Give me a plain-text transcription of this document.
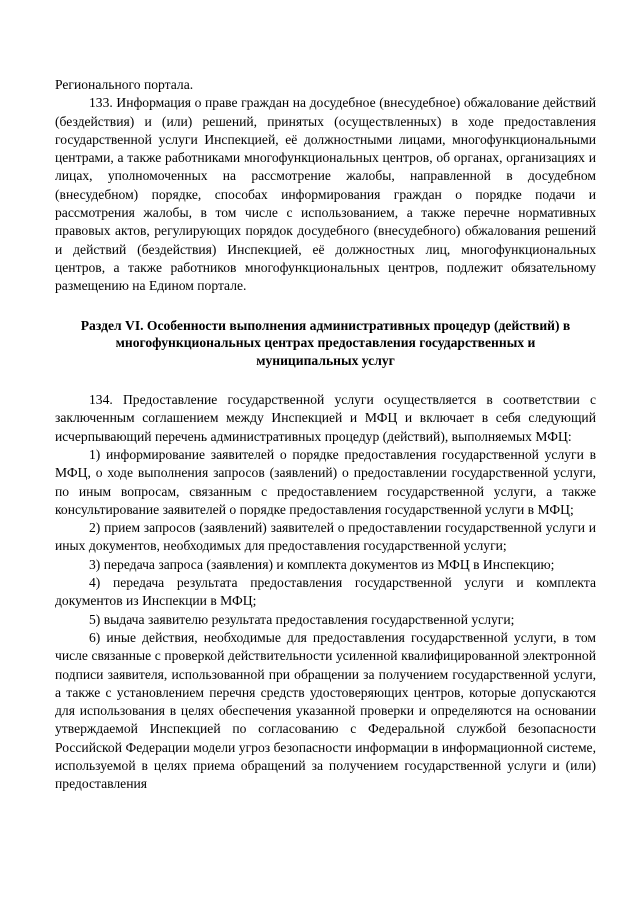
Регионального портала.

133. Информация о праве граждан на досудебное (внесудебное) обжалование действий (бездействия) и (или) решений, принятых (осуществленных) в ходе предоставления государственной услуги Инспекцией, её должностными лицами, многофункциональными центрами, а также работниками многофункциональных центров, об органах, организациях и лицах, уполномоченных на рассмотрение жалобы, направленной в досудебном (внесудебном) порядке, способах информирования граждан о порядке подачи и рассмотрения жалобы, в том числе с использованием, а также перечне нормативных правовых актов, регулирующих порядок досудебного (внесудебного) обжалования решений и действий (бездействия) Инспекцией, её должностных лиц, многофункциональных центров, а также работников многофункциональных центров, подлежит обязательному размещению на Едином портале.

Раздел VI. Особенности выполнения административных процедур (действий) в многофункциональных центрах предоставления государственных и муниципальных услуг

134. Предоставление государственной услуги осуществляется в соответствии с заключенным соглашением между Инспекцией и МФЦ и включает в себя следующий исчерпывающий перечень административных процедур (действий), выполняемых МФЦ:

1) информирование заявителей о порядке предоставления государственной услуги в МФЦ, о ходе выполнения запросов (заявлений) о предоставлении государственной услуги, по иным вопросам, связанным с предоставлением государственной услуги, а также консультирование заявителей о порядке предоставления государственной услуги в МФЦ;

2) прием запросов (заявлений) заявителей о предоставлении государственной услуги и иных документов, необходимых для предоставления государственной услуги;

3) передача запроса (заявления) и комплекта документов из МФЦ в Инспекцию;

4) передача результата предоставления государственной услуги и комплекта документов из Инспекции в МФЦ;

5) выдача заявителю результата предоставления государственной услуги;

6) иные действия, необходимые для предоставления государственной услуги, в том числе связанные с проверкой действительности усиленной квалифицированной электронной подписи заявителя, использованной при обращении за получением государственной услуги, а также с установлением перечня средств удостоверяющих центров, которые допускаются для использования в целях обеспечения указанной проверки и определяются на основании утверждаемой Инспекцией по согласованию с Федеральной службой безопасности Российской Федерации модели угроз безопасности информации в информационной системе, используемой в целях приема обращений за получением государственной услуги и (или) предоставления
